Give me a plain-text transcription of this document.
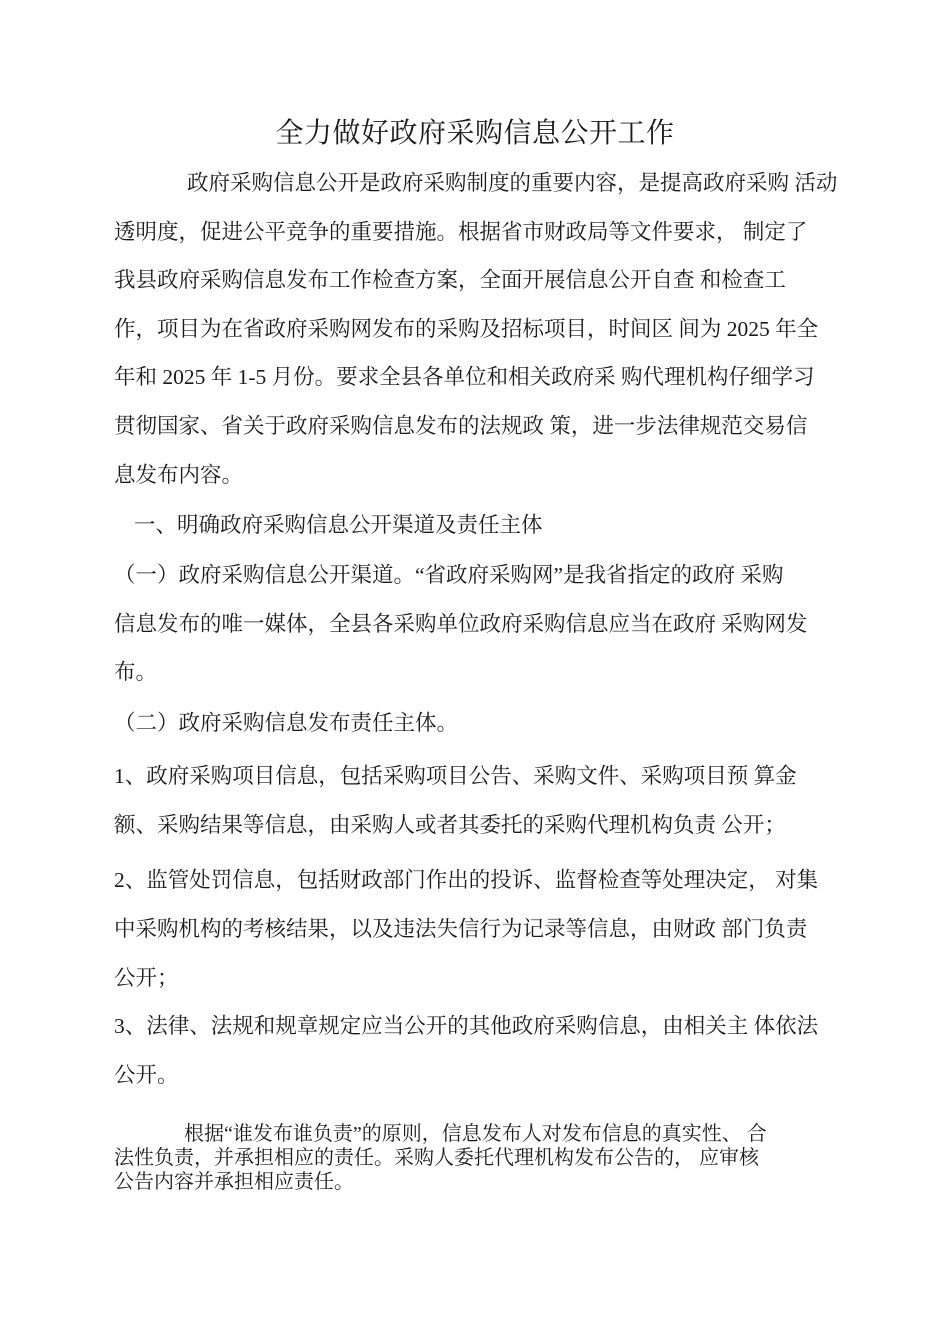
全力做好政府采购信息公开工作
政府采购信息公开是政府采购制度的重要内容，是提高政府采购 活动
透明度，促进公平竞争的重要措施。根据省市财政局等文件要求， 制定了
我县政府采购信息发布工作检查方案，全面开展信息公开自查 和检查工
作，项目为在省政府采购网发布的采购及招标项目，时间区 间为 2025 年全
年和 2025 年 1-5 月份。要求全县各单位和相关政府采 购代理机构仔细学习
贯彻国家、省关于政府采购信息发布的法规政 策，进一步法律规范交易信
息发布内容。
一、明确政府采购信息公开渠道及责任主体
（一）政府采购信息公开渠道。“省政府采购网”是我省指定的政府 采购
信息发布的唯一媒体，全县各采购单位政府采购信息应当在政府 采购网发
布。
（二）政府采购信息发布责任主体。
1、政府采购项目信息，包括采购项目公告、采购文件、采购项目预 算金
额、采购结果等信息，由采购人或者其委托的采购代理机构负责 公开；
2、监管处罚信息，包括财政部门作出的投诉、监督检查等处理决定， 对集
中采购机构的考核结果，以及违法失信行为记录等信息，由财政 部门负责
公开；
3、法律、法规和规章规定应当公开的其他政府采购信息，由相关主 体依法
公开。
根据“谁发布谁负责”的原则，信息发布人对发布信息的真实性、 合
法性负责，并承担相应的责任。采购人委托代理机构发布公告的， 应审核
公告内容并承担相应责任。
